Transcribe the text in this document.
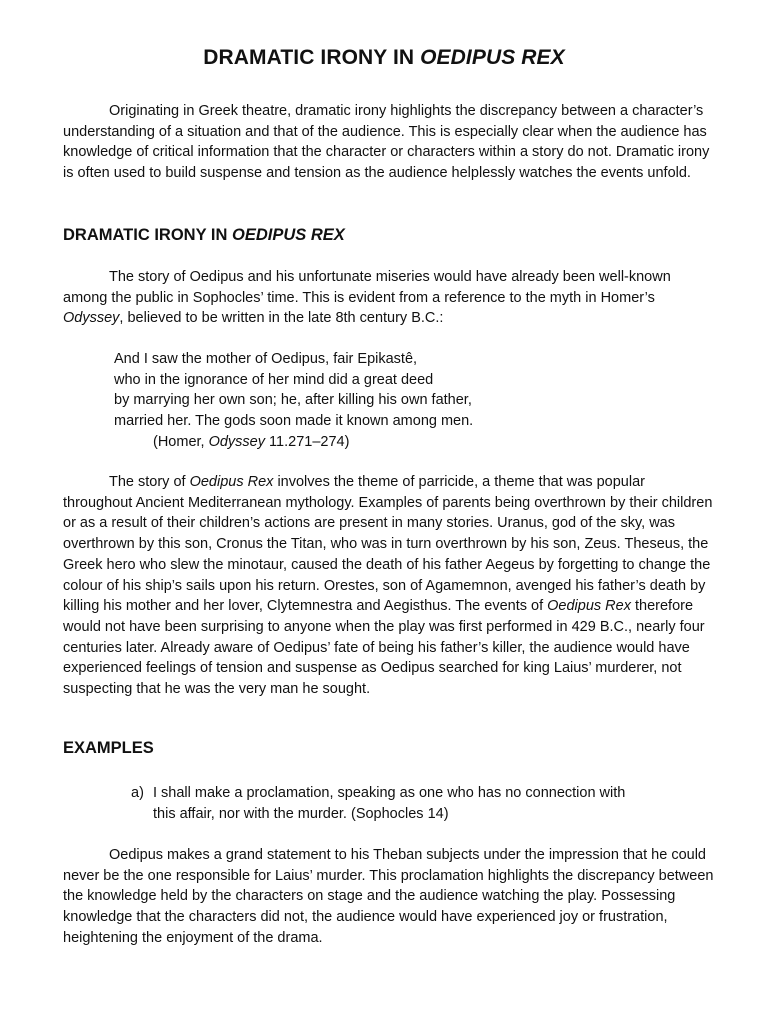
DRAMATIC IRONY IN OEDIPUS REX

Originating in Greek theatre, dramatic irony highlights the discrepancy between a character’s understanding of a situation and that of the audience. This is especially clear when the audience has knowledge of critical information that the character or characters within a story do not. Dramatic irony is often used to build suspense and tension as the audience helplessly watches the events unfold.

DRAMATIC IRONY IN OEDIPUS REX

The story of Oedipus and his unfortunate miseries would have already been well-known among the public in Sophocles’ time. This is evident from a reference to the myth in Homer’s Odyssey, believed to be written in the late 8th century B.C.:

And I saw the mother of Oedipus, fair Epikastê,
who in the ignorance of her mind did a great deed
by marrying her own son; he, after killing his own father,
married her. The gods soon made it known among men.
(Homer, Odyssey 11.271–274)

The story of Oedipus Rex involves the theme of parricide, a theme that was popular throughout Ancient Mediterranean mythology. Examples of parents being overthrown by their children or as a result of their children’s actions are present in many stories. Uranus, god of the sky, was overthrown by this son, Cronus the Titan, who was in turn overthrown by his son, Zeus. Theseus, the Greek hero who slew the minotaur, caused the death of his father Aegeus by forgetting to change the colour of his ship’s sails upon his return. Orestes, son of Agamemnon, avenged his father’s death by killing his mother and her lover, Clytemnestra and Aegisthus. The events of Oedipus Rex therefore would not have been surprising to anyone when the play was first performed in 429 B.C., nearly four centuries later. Already aware of Oedipus’ fate of being his father’s killer, the audience would have experienced feelings of tension and suspense as Oedipus searched for king Laius’ murderer, not suspecting that he was the very man he sought.

EXAMPLES
a) I shall make a proclamation, speaking as one who has no connection with
this affair, nor with the murder. (Sophocles 14)

Oedipus makes a grand statement to his Theban subjects under the impression that he could never be the one responsible for Laius’ murder. This proclamation highlights the discrepancy between the knowledge held by the characters on stage and the audience watching the play. Possessing knowledge that the characters did not, the audience would have experienced joy or frustration, heightening the enjoyment of the drama.
